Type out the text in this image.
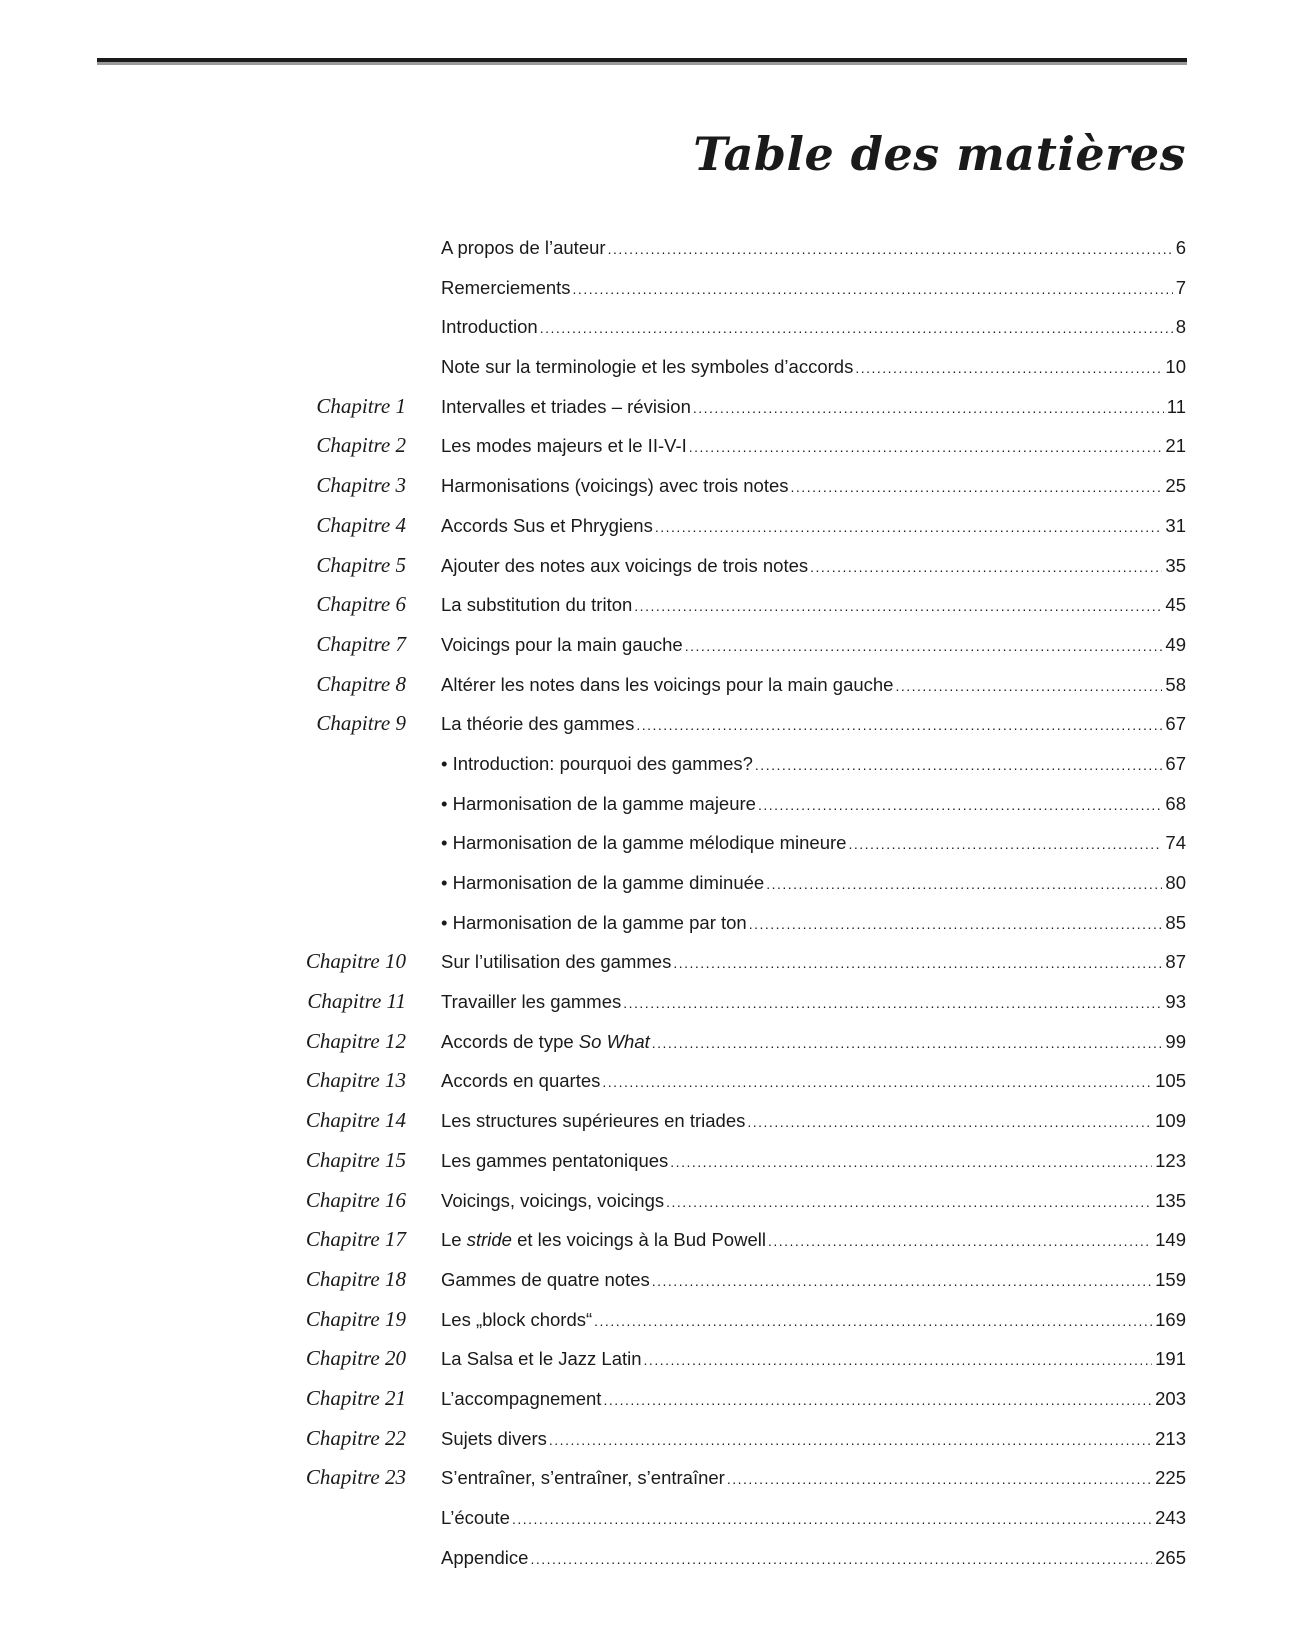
Table des matières
A propos de l’auteur .....	6
Remerciements .....	7
Introduction .....	8
Note sur la terminologie et les symboles d’accords .....	10
Chapitre 1 Intervalles et triades – révision .....	11
Chapitre 2 Les modes majeurs et le II-V-I .....	21
Chapitre 3 Harmonisations (voicings) avec trois notes .....	25
Chapitre 4 Accords Sus et Phrygiens .....	31
Chapitre 5 Ajouter des notes aux voicings de trois notes .....	35
Chapitre 6 La substitution du triton .....	45
Chapitre 7 Voicings pour la main gauche .....	49
Chapitre 8 Altérer les notes dans les voicings pour la main gauche .....	58
Chapitre 9 La théorie des gammes .....	67
• Introduction: pourquoi des gammes? .....	67
• Harmonisation de la gamme majeure .....	68
• Harmonisation de la gamme mélodique mineure .....	74
• Harmonisation de la gamme diminuée .....	80
• Harmonisation de la gamme par ton .....	85
Chapitre 10 Sur l’utilisation des gammes .....	87
Chapitre 11 Travailler les gammes .....	93
Chapitre 12 Accords de type So What .....	99
Chapitre 13 Accords en quartes .....	105
Chapitre 14 Les structures supérieures en triades .....	109
Chapitre 15 Les gammes pentatoniques .....	123
Chapitre 16 Voicings, voicings, voicings .....	135
Chapitre 17 Le stride et les voicings à la Bud Powell .....	149
Chapitre 18 Gammes de quatre notes .....	159
Chapitre 19 Les „block chords“ .....	169
Chapitre 20 La Salsa et le Jazz Latin .....	191
Chapitre 21 L’accompagnement .....	203
Chapitre 22 Sujets divers .....	213
Chapitre 23 S’entraîner, s’entraîner, s’entraîner .....	225
L’écoute .....	243
Appendice .....	265
